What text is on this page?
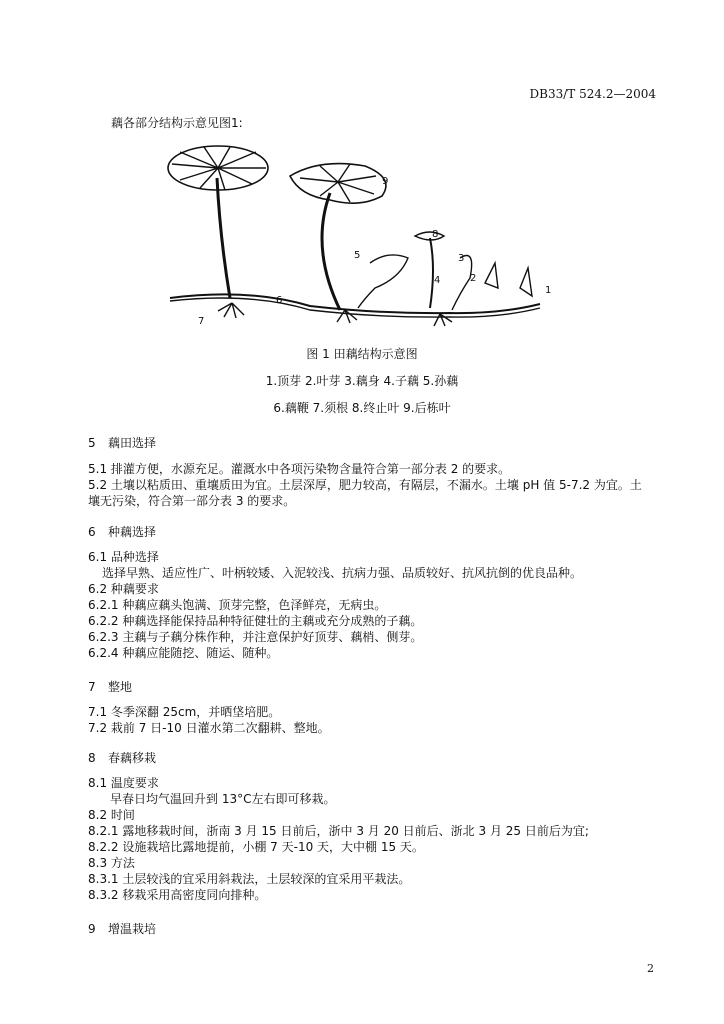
DB33/T 524.2—2004
藕各部分结构示意见图1:
1
2
3
4
5
6
7
8
9
图 1 田藕结构示意图
1.顶芽 2.叶芽 3.藕身 4.子藕 5.孙藕
6.藕鞭 7.须根 8.终止叶 9.后栋叶
5 藕田选择
5.1 排灌方便，水源充足。灌溉水中各项污染物含量符合第一部分表 2 的要求。
5.2 土壤以粘质田、重壤质田为宜。土层深厚，肥力较高，有隔层，不漏水。土壤 pH 值 5-7.2 为宜。土
壤无污染，符合第一部分表 3 的要求。
6 种藕选择
6.1 品种选择
选择早熟、适应性广、叶柄较矮、入泥较浅、抗病力强、品质较好、抗风抗倒的优良品种。
6.2 种藕要求
6.2.1 种藕应藕头饱满、顶芽完整，色泽鲜亮，无病虫。
6.2.2 种藕选择能保持品种特征健壮的主藕或充分成熟的子藕。
6.2.3 主藕与子藕分株作种，并注意保护好顶芽、藕梢、侧芽。
6.2.4 种藕应能随挖、随运、随种。
7 整地
7.1 冬季深翻 25cm，并晒垡培肥。
7.2 栽前 7 日-10 日灌水第二次翻耕、整地。
8 春藕移栽
8.1 温度要求
早春日均气温回升到 13°C左右即可移栽。
8.2 时间
8.2.1 露地移栽时间，浙南 3 月 15 日前后，浙中 3 月 20 日前后、浙北 3 月 25 日前后为宜;
8.2.2 设施栽培比露地提前，小棚 7 天-10 天，大中棚 15 天。
8.3 方法
8.3.1 土层较浅的宜采用斜栽法，土层较深的宜采用平栽法。
8.3.2 移栽采用高密度同向排种。
9 增温栽培
2
